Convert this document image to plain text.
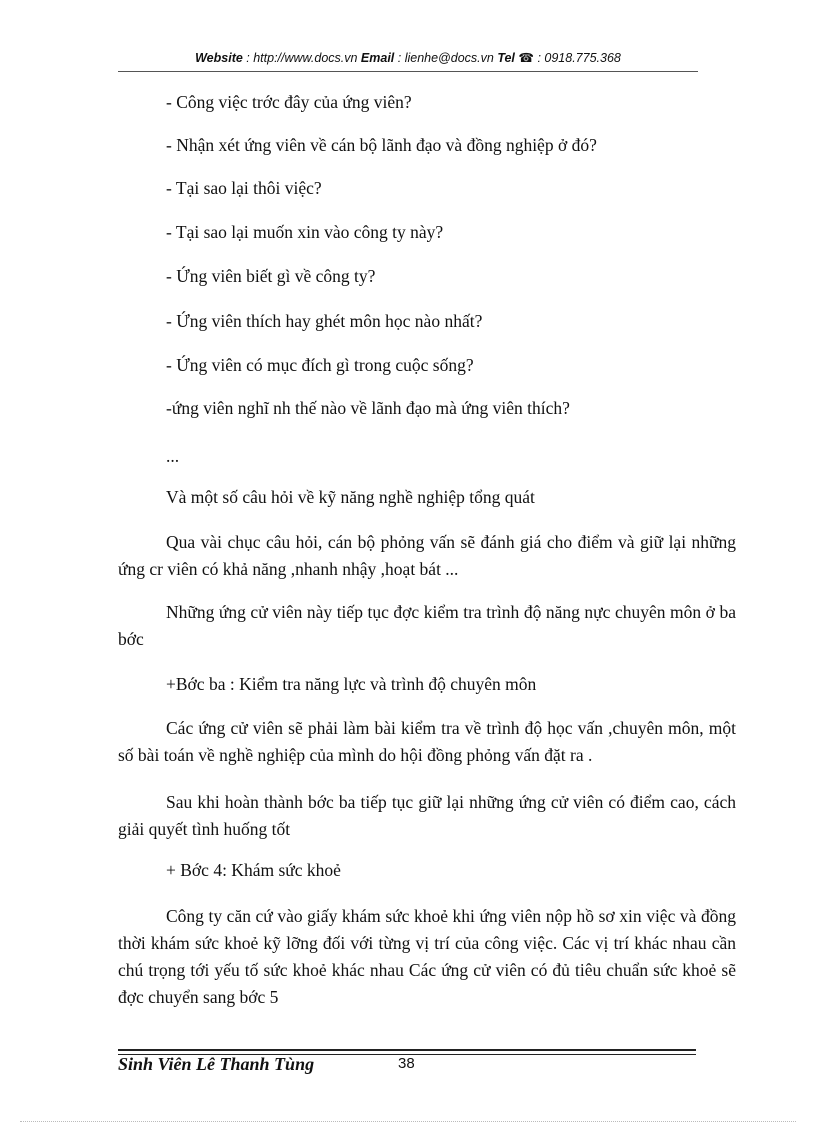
Website : http://www.docs.vn Email : lienhe@docs.vn Tel ☎ : 0918.775.368
- Công việc trớc đây của ứng viên?
- Nhận xét ứng viên về cán bộ lãnh đạo và đồng nghiệp ở đó?
- Tại sao lại thôi việc?
- Tại sao lại muốn xin vào công ty này?
- Ứng viên biết gì về công ty?
- Ứng viên thích hay ghét môn học nào nhất?
- Ứng viên có mục đích gì trong cuộc sống?
-ứng viên nghĩ nh thế nào về lãnh đạo mà ứng viên thích?
...
Và một số câu hỏi về kỹ năng nghề nghiệp tổng quát
Qua vài chục câu hỏi, cán bộ phỏng vấn sẽ đánh giá cho điểm và giữ lại những ứng cr viên có khả năng ,nhanh nhậy ,hoạt bát ...
Những ứng cử viên này tiếp tục đợc kiểm tra trình độ năng nực chuyên môn ở ba bớc
+Bớc ba : Kiểm tra năng lực và trình độ chuyên môn
Các ứng cử viên sẽ phải làm bài kiểm tra về trình độ học vấn ,chuyên môn, một số bài toán về nghề nghiệp của mình do hội đồng phỏng vấn đặt ra .
Sau khi hoàn thành bớc ba tiếp tục giữ lại những ứng cử viên có điểm cao, cách giải quyết tình huống tốt
+ Bớc 4: Khám sức khoẻ
Công ty căn cứ vào giấy khám sức khoẻ khi ứng viên nộp hồ sơ xin việc và đồng thời khám sức khoẻ kỹ lỡng đối với từng vị trí của công việc. Các vị trí khác nhau cần chú trọng tới yếu tố sức khoẻ khác nhau Các ứng cử viên có đủ tiêu chuẩn sức khoẻ sẽ đợc chuyển sang bớc 5
Sinh Viên Lê Thanh Tùng	38
